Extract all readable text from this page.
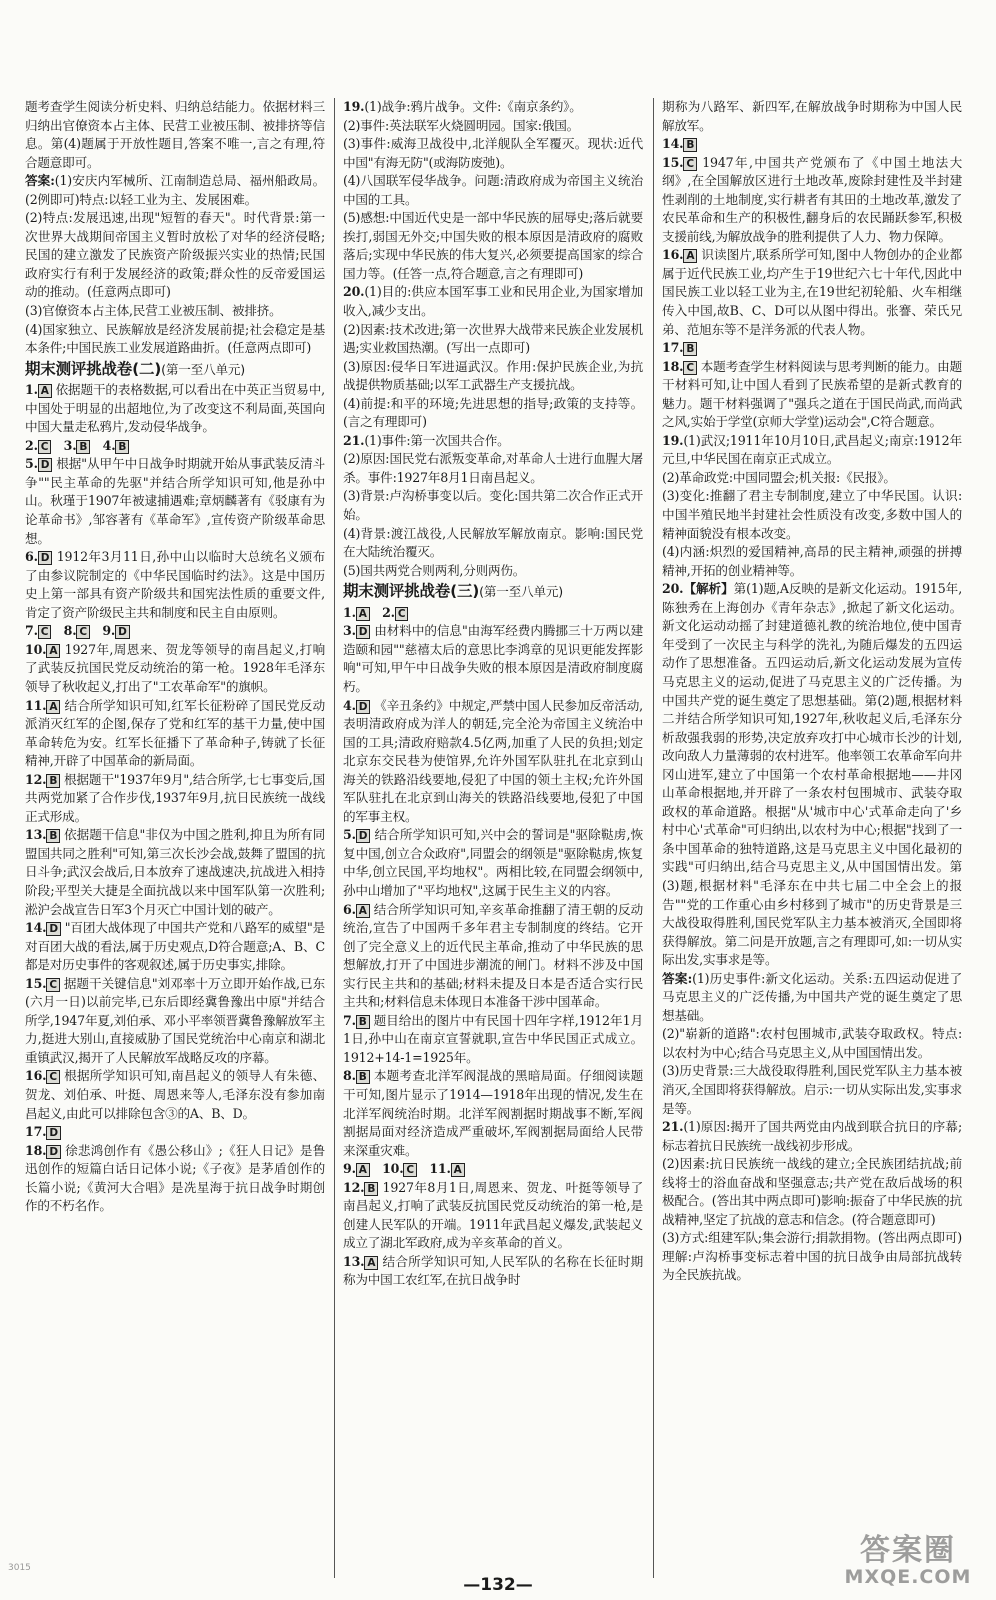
题考查学生阅读分析史料、归纳总结能力。依据材料三归纳出官僚资本占主体、民营工业被压制、被排挤等信息。第(4)题属于开放性题目,答案不唯一,言之有理,符合题意即可。
答案:(1)安庆内军械所、江南制造总局、福州船政局。(2例即可)特点:以轻工业为主、发展困难。
(2)特点:发展迅速,出现"短暂的春天"。时代背景:第一次世界大战期间帝国主义暂时放松了对华的经济侵略;民国的建立激发了民族资产阶级振兴实业的热情;民国政府实行有利于发展经济的政策;群众性的反帝爱国运动的推动。(任意两点即可)
(3)官僚资本占主体,民营工业被压制、被排挤。
(4)国家独立、民族解放是经济发展前提;社会稳定是基本条件;中国民族工业发展道路曲折。(任意两点即可)
期末测评挑战卷(二)(第一至八单元)
1. A 依据题干的表格数据,可以看出在中英正当贸易中,中国处于明显的出超地位,为了改变这不利局面,英国向中国大量走私鸦片,发动侵华战争。
2. C  3. B  4. B 
5. D 根据"从甲午中日战争时期就开始从事武装反清斗争""民主革命的先驱"并结合所学知识可知,他是孙中山。秋瑾于1907年被逮捕遇难;章炳麟著有《驳康有为论革命书》,邹容著有《革命军》,宣传资产阶级革命思想。
6. D 1912年3月11日,孙中山以临时大总统名义颁布了由参议院制定的《中华民国临时约法》。这是中国历史上第一部具有资产阶级共和国宪法性质的重要文件,肯定了资产阶级民主共和制度和民主自由原则。
7. C  8. C  9. D 
10. A 1927年,周恩来、贺龙等领导的南昌起义,打响了武装反抗国民党反动统治的第一枪。1928年毛泽东领导了秋收起义,打出了"工农革命军"的旗帜。
11. A 结合所学知识可知,红军长征粉碎了国民党反动派消灭红军的企图,保存了党和红军的基干力量,使中国革命转危为安。红军长征播下了革命种子,铸就了长征精神,开辟了中国革命的新局面。
12. B 根据题干"1937年9月",结合所学,七七事变后,国共两党加紧了合作步伐,1937年9月,抗日民族统一战线正式形成。
13. B 依据题干信息"非仅为中国之胜利,抑且为所有同盟国共同之胜利"可知,第三次长沙会战,鼓舞了盟国的抗日斗争;武汉会战后,日本放弃了速战速决,抗战进入相持阶段;平型关大捷是全面抗战以来中国军队第一次胜利;淞沪会战宣告日军3个月灭亡中国计划的破产。
14. D "百团大战体现了中国共产党和八路军的威望"是对百团大战的看法,属于历史观点,D符合题意;A、B、C都是对历史事件的客观叙述,属于历史事实,排除。
15. C 据题干关键信息"刘邓率十万立即开始作战,已东(六月一日)以前完毕,已东后即经冀鲁豫出中原"并结合所学,1947年夏,刘伯承、邓小平率领晋冀鲁豫解放军主力,挺进大别山,直接威胁了国民党统治中心南京和湖北重镇武汉,揭开了人民解放军战略反攻的序幕。
16. C 根据所学知识可知,南昌起义的领导人有朱德、贺龙、刘伯承、叶挺、周恩来等人,毛泽东没有参加南昌起义,由此可以排除包含③的A、B、D。
17. D 
18. D 徐悲鸿创作有《愚公移山》;《狂人日记》是鲁迅创作的短篇白话日记体小说;《子夜》是茅盾创作的长篇小说;《黄河大合唱》是冼星海于抗日战争时期创作的不朽名作。
19.(1)战争:鸦片战争。文件:《南京条约》。
(2)事件:英法联军火烧圆明园。国家:俄国。
(3)事件:威海卫战役中,北洋舰队全军覆灭。现状:近代中国"有海无防"(或海防废弛)。
(4)八国联军侵华战争。问题:清政府成为帝国主义统治中国的工具。
(5)感想:中国近代史是一部中华民族的屈辱史;落后就要挨打,弱国无外交;中国失败的根本原因是清政府的腐败落后;实现中华民族的伟大复兴,必须要提高国家的综合国力等。(任答一点,符合题意,言之有理即可)
20.(1)目的:供应本国军事工业和民用企业,为国家增加收入,减少支出。
(2)因素:技术改进;第一次世界大战带来民族企业发展机遇;实业救国热潮。(写出一点即可)
(3)原因:侵华日军进逼武汉。作用:保护民族企业,为抗战提供物质基础;以军工武器生产支援抗战。
(4)前提:和平的环境;先进思想的指导;政策的支持等。(言之有理即可)
21.(1)事件:第一次国共合作。
(2)原因:国民党右派叛变革命,对革命人士进行血腥大屠杀。事件:1927年8月1日南昌起义。
(3)背景:卢沟桥事变以后。变化:国共第二次合作正式开始。
(4)背景:渡江战役,人民解放军解放南京。影响:国民党在大陆统治覆灭。
(5)国共两党合则两利,分则两伤。
期末测评挑战卷(三)(第一至八单元)
1. A  2. C 
3. D 由材料中的信息"由海军经费内腾挪三十万两以建造颐和园""慈禧太后的意思比李鸿章的见识更能发挥影响"可知,甲午中日战争失败的根本原因是清政府制度腐朽。
4. D 《辛丑条约》中规定,严禁中国人民参加反帝活动,表明清政府成为洋人的朝廷,完全沦为帝国主义统治中国的工具;清政府赔款4.5亿两,加重了人民的负担;划定北京东交民巷为使馆界,允许外国军队驻扎在北京到山海关的铁路沿线要地,侵犯了中国的领土主权;允许外国军队驻扎在北京到山海关的铁路沿线要地,侵犯了中国的军事主权。
5. D 结合所学知识可知,兴中会的誓词是"驱除鞑虏,恢复中国,创立合众政府",同盟会的纲领是"驱除鞑虏,恢复中华,创立民国,平均地权"。两相比较,在同盟会纲领中,孙中山增加了"平均地权",这属于民生主义的内容。
6. A 结合所学知识可知,辛亥革命推翻了清王朝的反动统治,宣告了中国两千多年君主专制制度的终结。它开创了完全意义上的近代民主革命,推动了中华民族的思想解放,打开了中国进步潮流的闸门。材料不涉及中国实行民主共和的基础;材料未提及日本是否适合实行民主共和;材料信息未体现日本准备干涉中国革命。
7. B 题目给出的图片中有民国十四年字样,1912年1月1日,孙中山在南京宣誓就职,宣告中华民国正式成立。1912+14-1=1925年。
8. B 本题考查北洋军阀混战的黑暗局面。仔细阅读题干可知,图片显示了1914—1918年出现的情况,发生在北洋军阀统治时期。北洋军阀割据时期战事不断,军阀割据局面对经济造成严重破坏,军阀割据局面给人民带来深重灾难。
9. A  10. C  11. A 
12. B 1927年8月1日,周恩来、贺龙、叶挺等领导了南昌起义,打响了武装反抗国民党反动统治的第一枪,是创建人民军队的开端。1911年武昌起义爆发,武装起义成立了湖北军政府,成为辛亥革命的首义。
13. A 结合所学知识可知,人民军队的名称在长征时期称为中国工农红军,在抗日战争时
期称为八路军、新四军,在解放战争时期称为中国人民解放军。
14. B 
15. C 1947年,中国共产党颁布了《中国土地法大纲》,在全国解放区进行土地改革,废除封建性及半封建性剥削的土地制度,实行耕者有其田的土地改革,激发了农民革命和生产的积极性,翻身后的农民踊跃参军,积极支援前线,为解放战争的胜利提供了人力、物力保障。
16. A 识读图片,联系所学可知,图中人物创办的企业都属于近代民族工业,均产生于19世纪六七十年代,因此中国民族工业以轻工业为主,在19世纪初轮船、火车相继传入中国,故B、C、D可以从图中得出。张謇、荣氏兄弟、范旭东等不是洋务派的代表人物。
17. B 
18. C 本题考查学生材料阅读与思考判断的能力。由题干材料可知,让中国人看到了民族希望的是新式教育的魅力。题干材料强调了"强兵之道在于国民尚武,而尚武之风,实始于学堂(京师大学堂)运动会",C符合题意。
19.(1)武汉;1911年10月10日,武昌起义;南京:1912年元旦,中华民国在南京正式成立。
(2)革命政党:中国同盟会;机关报:《民报》。
(3)变化:推翻了君主专制制度,建立了中华民国。认识:中国半殖民地半封建社会性质没有改变,多数中国人的精神面貌没有根本改变。
(4)内涵:炽烈的爱国精神,高昂的民主精神,顽强的拼搏精神,开拓的创业精神等。
20.【解析】第(1)题,A反映的是新文化运动。1915年,陈独秀在上海创办《青年杂志》,掀起了新文化运动。新文化运动动摇了封建道德礼教的统治地位,使中国青年受到了一次民主与科学的洗礼,为随后爆发的五四运动作了思想准备。五四运动后,新文化运动发展为宣传马克思主义的运动,促进了马克思主义的广泛传播。为中国共产党的诞生奠定了思想基础。第(2)题,根据材料二并结合所学知识可知,1927年,秋收起义后,毛泽东分析敌强我弱的形势,决定放弃攻打中心城市长沙的计划,改向敌人力量薄弱的农村进军。他率领工农革命军向井冈山进军,建立了中国第一个农村革命根据地——井冈山革命根据地,并开辟了一条农村包围城市、武装夺取政权的革命道路。根据"从'城市中心'式革命走向了'乡村中心'式革命"可归纳出,以农村为中心;根据"找到了一条中国革命的独特道路,这是马克思主义中国化最初的实践"可归纳出,结合马克思主义,从中国国情出发。第(3)题,根据材料"毛泽东在中共七届二中全会上的报告""党的工作重心由乡村移到了城市"的历史背景是三大战役取得胜利,国民党军队主力基本被消灭,全国即将获得解放。第二问是开放题,言之有理即可,如:一切从实际出发,实事求是等。
答案:(1)历史事件:新文化运动。关系:五四运动促进了马克思主义的广泛传播,为中国共产党的诞生奠定了思想基础。
(2)"崭新的道路":农村包围城市,武装夺取政权。特点:以农村为中心;结合马克思主义,从中国国情出发。
(3)历史背景:三大战役取得胜利,国民党军队主力基本被消灭,全国即将获得解放。启示:一切从实际出发,实事求是等。
21.(1)原因:揭开了国共两党由内战到联合抗日的序幕;标志着抗日民族统一战线初步形成。
(2)因素:抗日民族统一战线的建立;全民族团结抗战;前线将士的浴血奋战和坚强意志;共产党在敌后战场的积极配合。(答出其中两点即可)影响:振奋了中华民族的抗战精神,坚定了抗战的意志和信念。(符合题意即可)
(3)方式:组建军队;集会游行;捐款捐物。(答出两点即可)理解:卢沟桥事变标志着中国的抗日战争由局部抗战转为全民族抗战。
—132—
3015	答案圈
MXQE.COM
